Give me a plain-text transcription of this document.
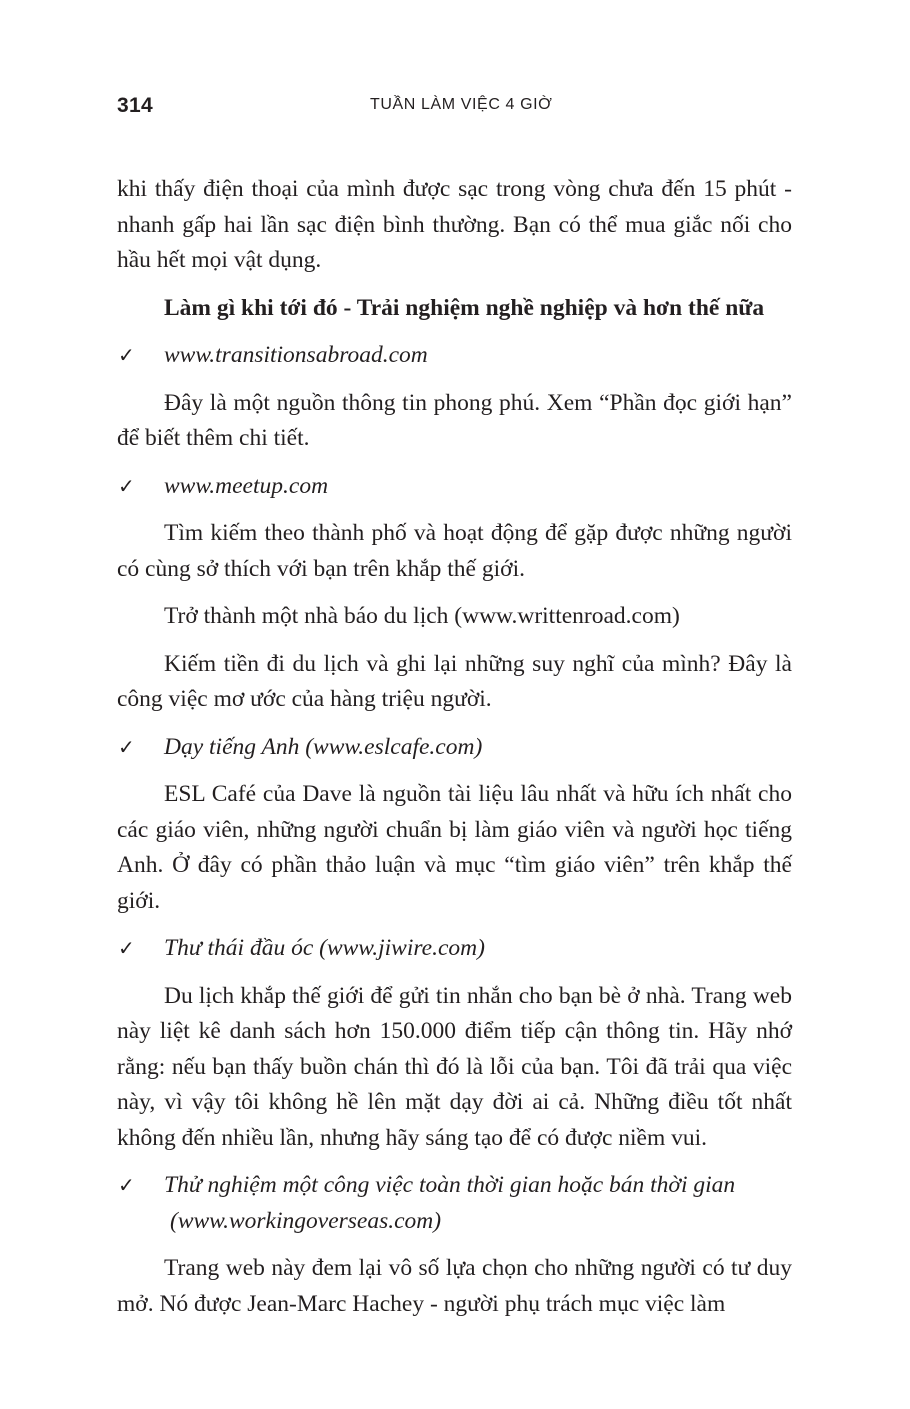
314	TUẦN LÀM VIỆC 4 GIỜ

khi thấy điện thoại của mình được sạc trong vòng chưa đến 15 phút - nhanh gấp hai lần sạc điện bình thường. Bạn có thể mua giắc nối cho hầu hết mọi vật dụng.

Làm gì khi tới đó - Trải nghiệm nghề nghiệp và hơn thế nữa
✓ www.transitionsabroad.com

Đây là một nguồn thông tin phong phú. Xem “Phần đọc giới hạn” để biết thêm chi tiết.

✓ www.meetup.com

Tìm kiếm theo thành phố và hoạt động để gặp được những người có cùng sở thích với bạn trên khắp thế giới.

Trở thành một nhà báo du lịch (www.writtenroad.com)

Kiếm tiền đi du lịch và ghi lại những suy nghĩ của mình? Đây là công việc mơ ước của hàng triệu người.

✓ Dạy tiếng Anh (www.eslcafe.com)

ESL Café của Dave là nguồn tài liệu lâu nhất và hữu ích nhất cho các giáo viên, những người chuẩn bị làm giáo viên và người học tiếng Anh. Ở đây có phần thảo luận và mục “tìm giáo viên” trên khắp thế giới.

✓ Thư thái đầu óc (www.jiwire.com)

Du lịch khắp thế giới để gửi tin nhắn cho bạn bè ở nhà. Trang web này liệt kê danh sách hơn 150.000 điểm tiếp cận thông tin. Hãy nhớ rằng: nếu bạn thấy buồn chán thì đó là lỗi của bạn. Tôi đã trải qua việc này, vì vậy tôi không hề lên mặt dạy đời ai cả. Những điều tốt nhất không đến nhiều lần, nhưng hãy sáng tạo để có được niềm vui.

✓ Thử nghiệm một công việc toàn thời gian hoặc bán thời gian (www.workingoverseas.com)

Trang web này đem lại vô số lựa chọn cho những người có tư duy mở. Nó được Jean-Marc Hachey - người phụ trách mục việc làm
